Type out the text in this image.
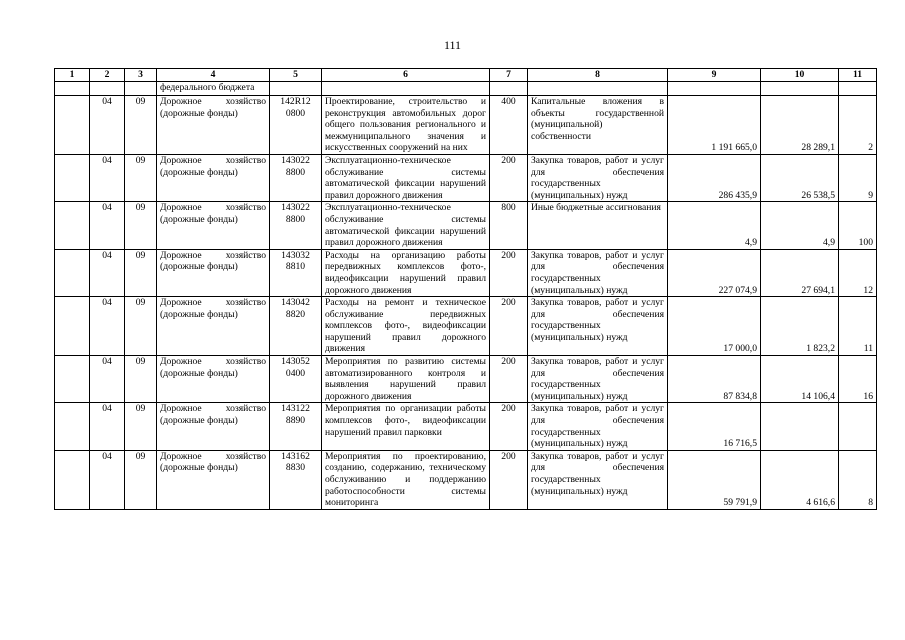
111
1	2	3	4	5	6	7	8	9	10	11
			федерального бюджета							
	04	09	Дорожное хозяйство (дорожные фонды)	142R12 0800	Проектирование, строительство и реконструкция автомобильных дорог общего пользования регионального и межмуниципального значения и искусственных сооружений на них	400	Капитальные вложения в объекты государственной (муниципальной) собственности	1 191 665,0	28 289,1	2
	04	09	Дорожное хозяйство (дорожные фонды)	143022 8800	Эксплуатационно-техническое обслуживание системы автоматической фиксации нарушений правил дорожного движения	200	Закупка товаров, работ и услуг для обеспечения государственных (муниципальных) нужд	286 435,9	26 538,5	9
	04	09	Дорожное хозяйство (дорожные фонды)	143022 8800	Эксплуатационно-техническое обслуживание системы автоматической фиксации нарушений правил дорожного движения	800	Иные бюджетные ассигнования	4,9	4,9	100
	04	09	Дорожное хозяйство (дорожные фонды)	143032 8810	Расходы на организацию работы передвижных комплексов фото-, видеофиксации нарушений правил дорожного движения	200	Закупка товаров, работ и услуг для обеспечения государственных (муниципальных) нужд	227 074,9	27 694,1	12
	04	09	Дорожное хозяйство (дорожные фонды)	143042 8820	Расходы на ремонт и техническое обслуживание передвижных комплексов фото-, видеофиксации нарушений правил дорожного движения	200	Закупка товаров, работ и услуг для обеспечения государственных (муниципальных) нужд	17 000,0	1 823,2	11
	04	09	Дорожное хозяйство (дорожные фонды)	143052 0400	Мероприятия по развитию системы автоматизированного контроля и выявления нарушений правил дорожного движения	200	Закупка товаров, работ и услуг для обеспечения государственных (муниципальных) нужд	87 834,8	14 106,4	16
	04	09	Дорожное хозяйство (дорожные фонды)	143122 8890	Мероприятия по организации работы комплексов фото-, видеофиксации нарушений правил парковки	200	Закупка товаров, работ и услуг для обеспечения государственных (муниципальных) нужд	16 716,5		
	04	09	Дорожное хозяйство (дорожные фонды)	143162 8830	Мероприятия по проектированию, созданию, содержанию, техническому обслуживанию и поддержанию работоспособности системы мониторинга	200	Закупка товаров, работ и услуг для обеспечения государственных (муниципальных) нужд	59 791,9	4 616,6	8
